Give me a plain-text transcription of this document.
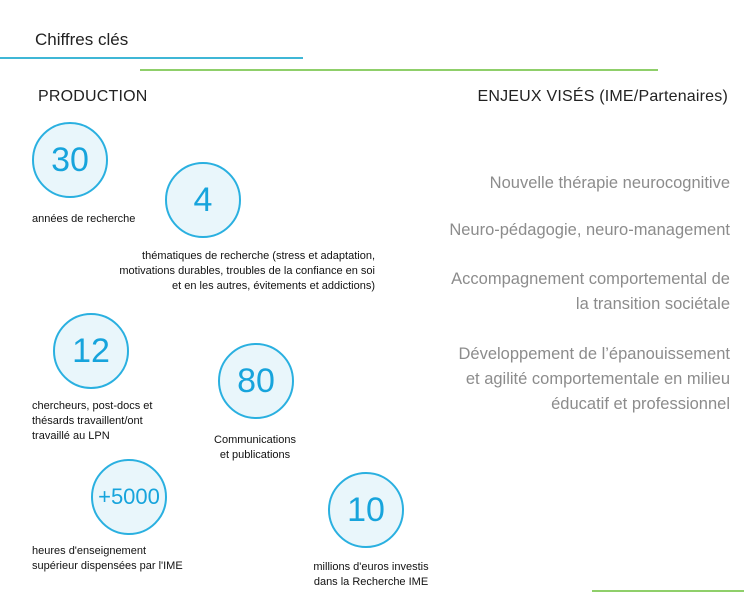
Chiffres clés
PRODUCTION	ENJEUX VISÉS (IME/Partenaires)
30
années de recherche
4
thématiques de recherche (stress et adaptation,
motivations durables, troubles de la confiance en soi
et en les autres, évitements et addictions)
12
chercheurs, post-docs et
thésards travaillent/ont
travaillé au LPN
80
Communications
et publications
+5000
heures d'enseignement
supérieur dispensées par l'IME
10
millions d'euros investis
dans la Recherche IME
Nouvelle thérapie neurocognitive
Neuro-pédagogie, neuro-management
Accompagnement comportemental de
la transition sociétale
Développement de l’épanouissement
et agilité comportementale en milieu
éducatif et professionnel
